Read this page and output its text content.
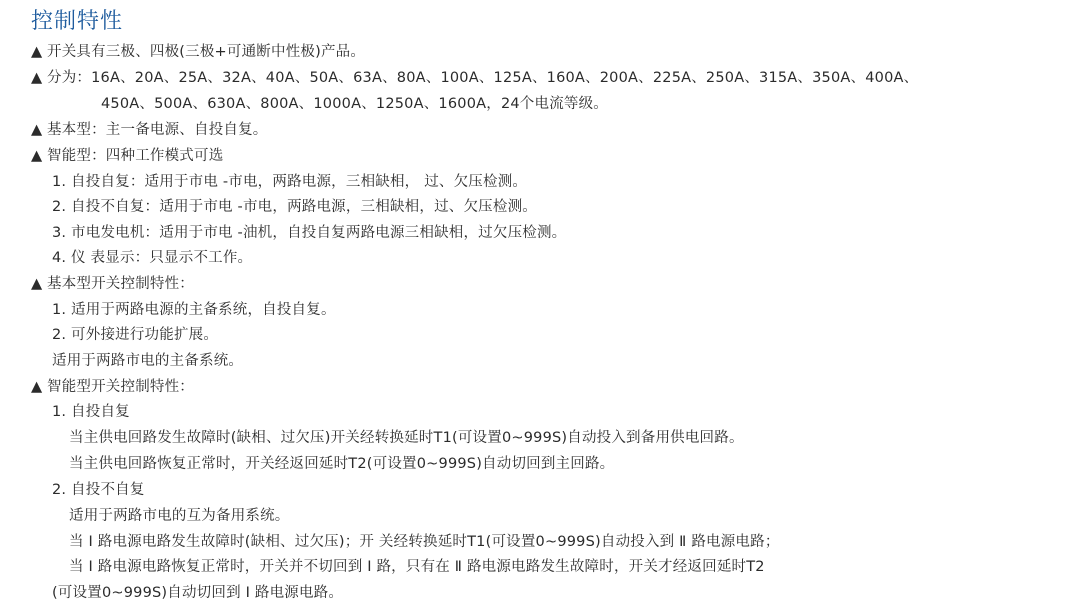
控制特性
▲ 开关具有三极、四极(三极+可通断中性极)产品。
▲ 分为：16A、20A、25A、32A、40A、50A、63A、80A、100A、125A、160A、200A、225A、250A、315A、350A、400A、
450A、500A、630A、800A、1000A、1250A、1600A，24个电流等级。
▲ 基本型：主一备电源、自投自复。
▲ 智能型：四种工作模式可选
1. 自投自复：适用于市电 -市电，两路电源，三相缺相， 过、欠压检测。
2. 自投不自复：适用于市电 -市电，两路电源，三相缺相，过、欠压检测。
3. 市电发电机：适用于市电 -油机，自投自复两路电源三相缺相，过欠压检测。
4. 仪 表显示：只显示不工作。
▲ 基本型开关控制特性：
1. 适用于两路电源的主备系统，自投自复。
2. 可外接进行功能扩展。
适用于两路市电的主备系统。
▲ 智能型开关控制特性：
1. 自投自复
当主供电回路发生故障时(缺相、过欠压)开关经转换延时T1(可设置0~999S)自动投入到备用供电回路。
当主供电回路恢复正常时，开关经返回延时T2(可设置0~999S)自动切回到主回路。
2. 自投不自复
适用于两路市电的互为备用系统。
当 Ⅰ 路电源电路发生故障时(缺相、过欠压)；开 关经转换延时T1(可设置0~999S)自动投入到 Ⅱ 路电源电路；
当 Ⅰ 路电源电路恢复正常时，开关并不切回到 Ⅰ 路，只有在 Ⅱ 路电源电路发生故障时，开关才经返回延时T2
(可设置0~999S)自动切回到 Ⅰ 路电源电路。
